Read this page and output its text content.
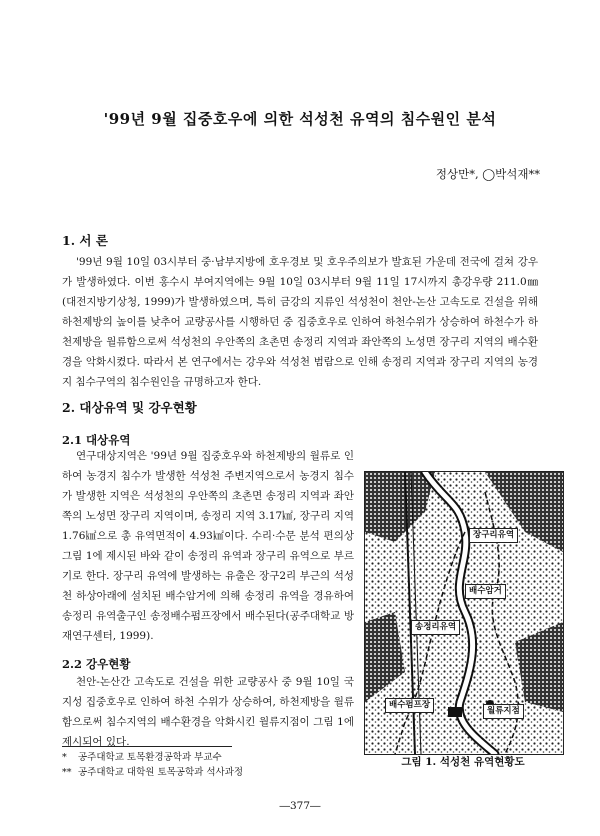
'99년 9월 집중호우에 의한 석성천 유역의 침수원인 분석
정상만*, ◯박석재**
1. 서 론

'99년 9월 10일 03시부터 중·남부지방에 호우경보 및 호우주의보가 발효된 가운데 전국에 걸쳐 강우가 발생하였다. 이번 홍수시 부여지역에는 9월 10일 03시부터 9월 11일 17시까지 총강우량 211.0㎜(대전지방기상청, 1999)가 발생하였으며, 특히 금강의 지류인 석성천이 천안-논산 고속도로 건설을 위해 하천제방의 높이를 낮추어 교량공사를 시행하던 중 집중호우로 인하여 하천수위가 상승하여 하천수가 하천제방을 월류함으로써 석성천의 우안쪽의 초촌면 송정리 지역과 좌안쪽의 노성면 장구리 지역의 배수환경을 악화시켰다. 따라서 본 연구에서는 강우와 석성천 범람으로 인해 송정리 지역과 장구리 지역의 농경지 침수구역의 침수원인을 규명하고자 한다.

2. 대상유역 및 강우현황
2.1 대상유역

연구대상지역은 '99년 9월 집중호우와 하천제방의 월류로 인하여 농경지 침수가 발생한 석성천 주변지역으로서 농경지 침수가 발생한 지역은 석성천의 우안쪽의 초촌면 송정리 지역과 좌안쪽의 노성면 장구리 지역이며, 송정리 지역 3.17㎢, 장구리 지역 1.76㎢으로 총 유역면적이 4.93㎢이다. 수리·수문 분석 편의상 그림 1에 제시된 바와 같이 송정리 유역과 장구리 유역으로 부르기로 한다. 장구리 유역에 발생하는 유출은 장구2리 부근의 석성천 하상아래에 설치된 배수암거에 의해 송정리 유역을 경유하여 송정리 유역출구인 송정배수펌프장에서 배수된다(공주대학교 방재연구센터, 1999).

2.2 강우현황

천안-논산간 고속도로 건설을 위한 교량공사 중 9월 10일 국지성 집중호우로 인하여 하천 수위가 상승하여, 하천제방을 월류함으로써 침수지역의 배수환경을 악화시킨 월류지점이 그림 1에 제시되어 있다.

장구리유역
배수암거
송정리유역
배수펌프장
월류지점
그림 1. 석성천 유역현황도
* 공주대학교 토목환경공학과 부교수
** 공주대학교 대학원 토목공학과 석사과정
―377―
